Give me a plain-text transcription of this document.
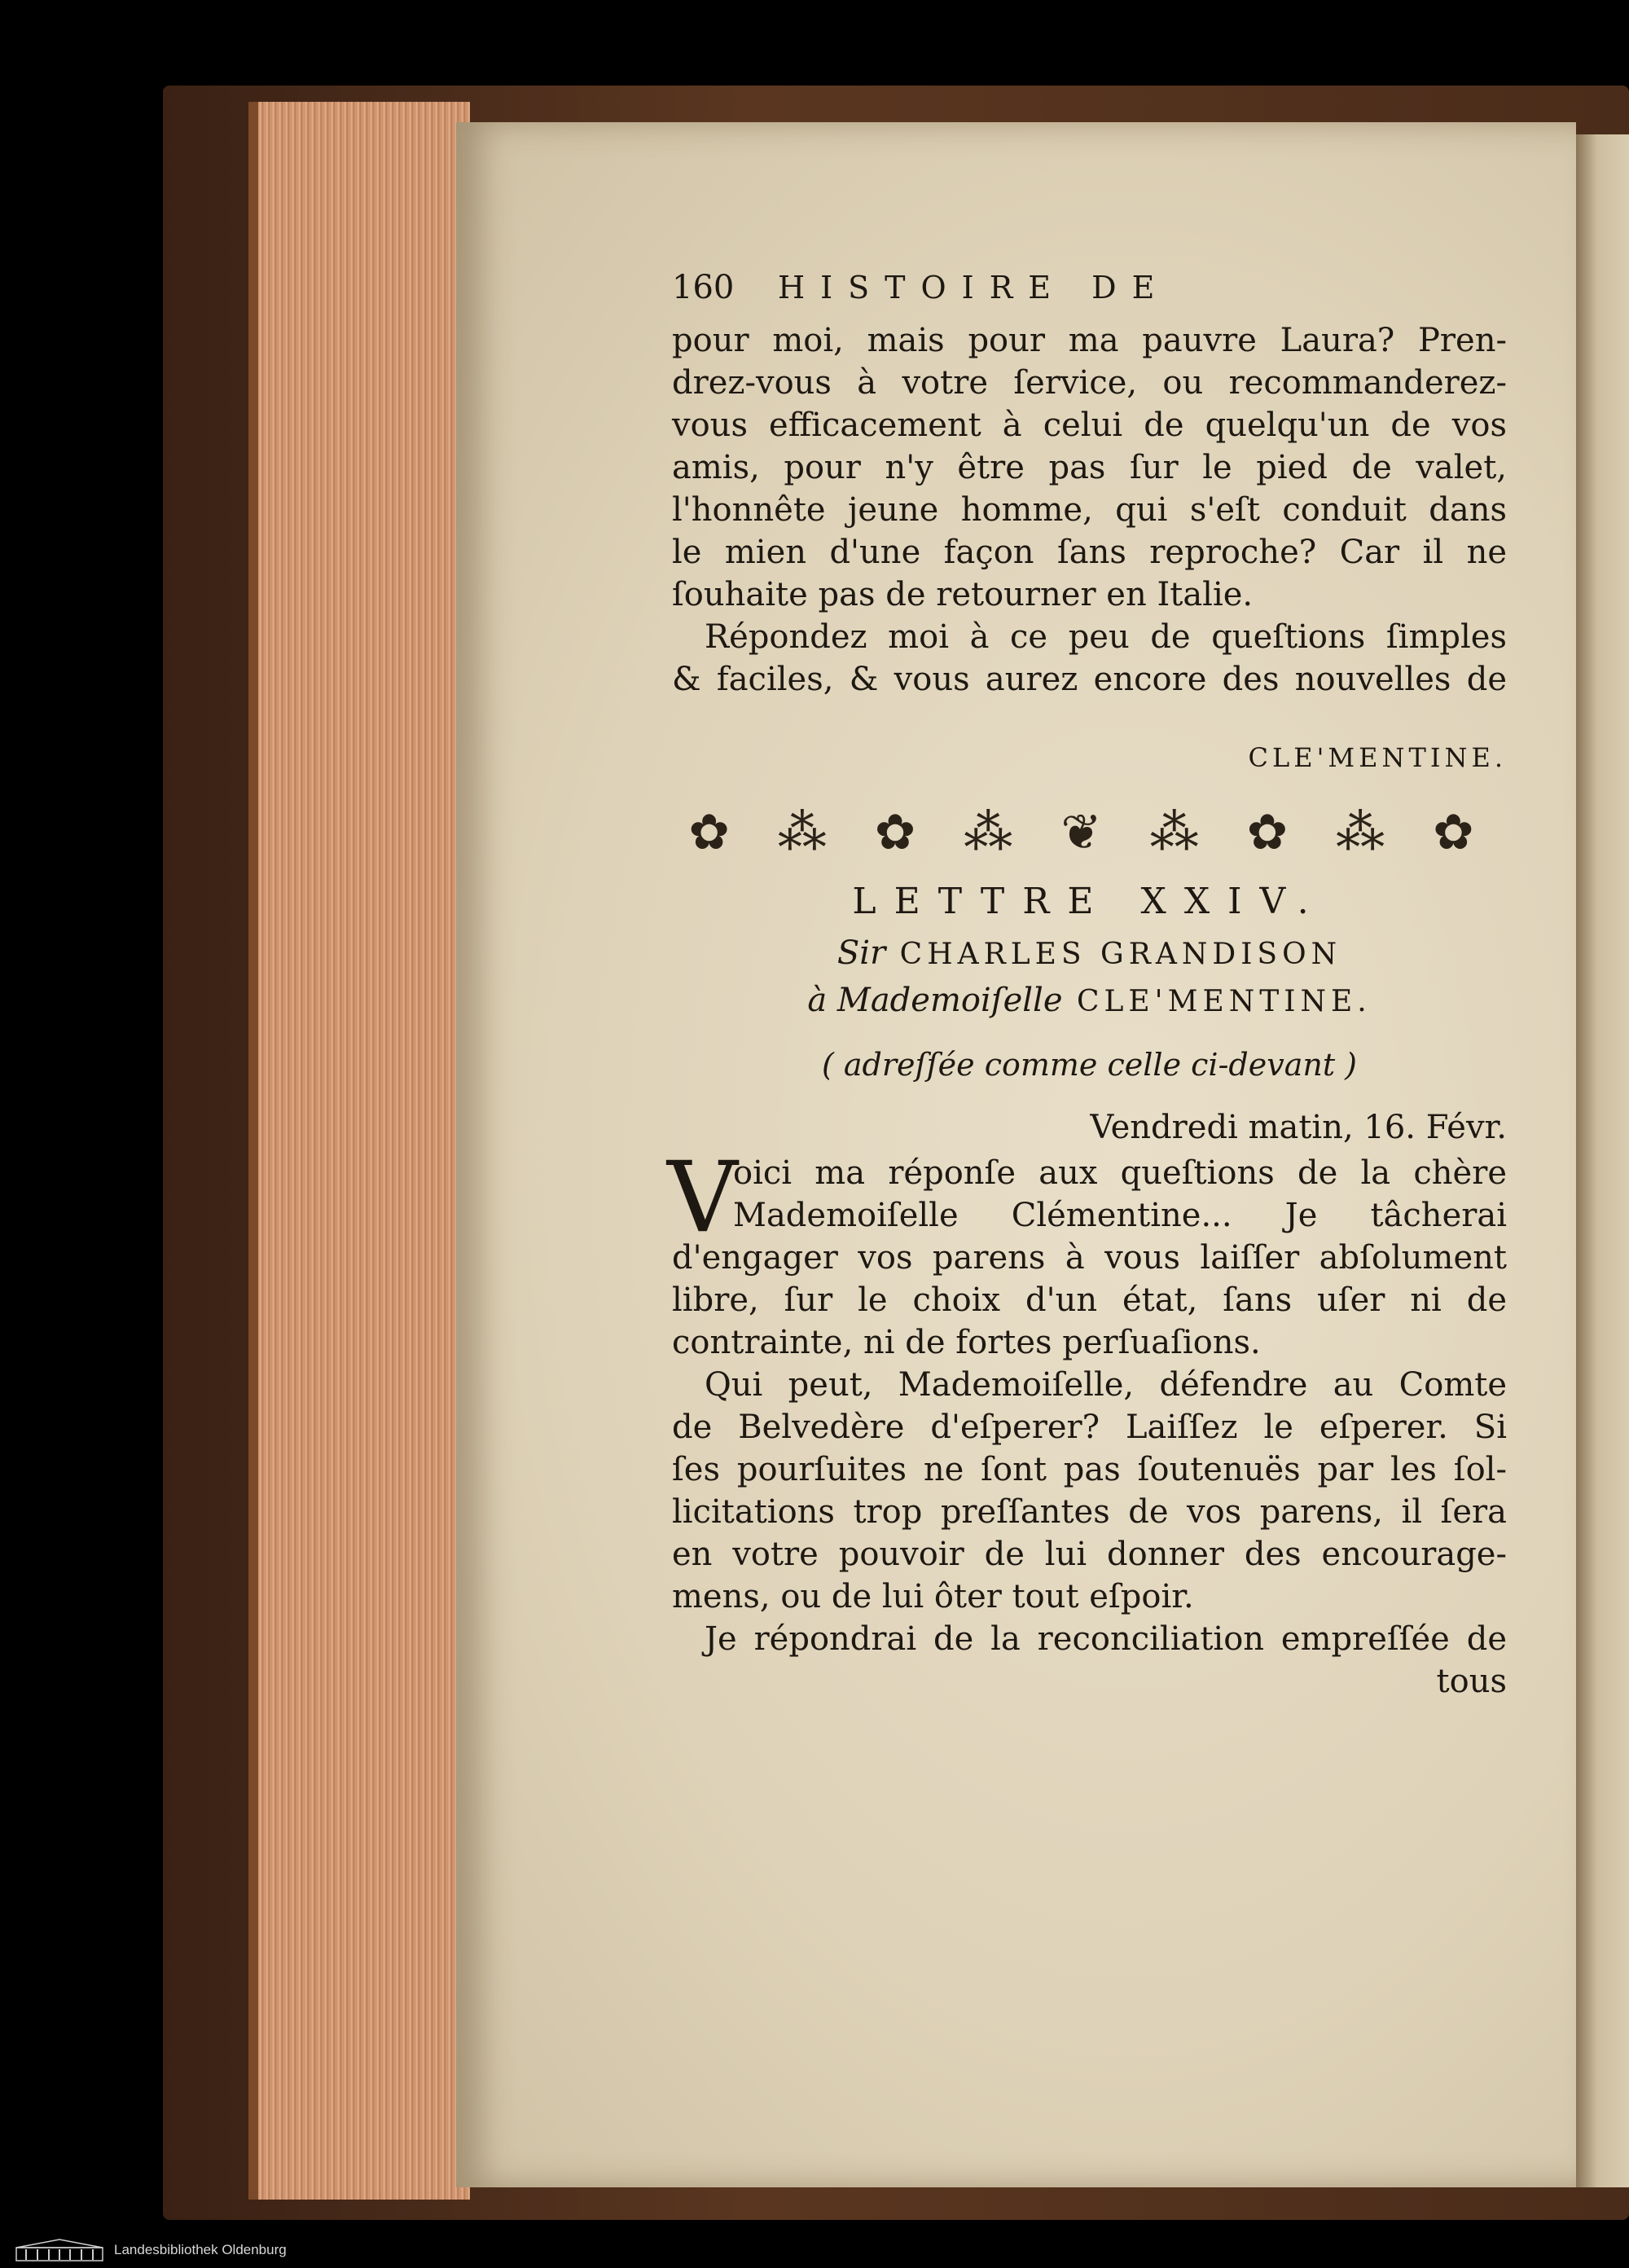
160	HISTOIRE DE
pour moi, mais pour ma pauvre Laura? Pren-
drez-vous à votre ſervice, ou recommanderez-
vous efficacement à celui de quelqu'un de vos
amis, pour n'y être pas ſur le pied de valet,
l'honnête jeune homme, qui s'eſt conduit dans
le mien d'une façon ſans reproche? Car il ne
ſouhaite pas de retourner en Italie.
Répondez moi à ce peu de queſtions ſimples
& faciles, & vous aurez encore des nouvelles de
CLE'MENTINE.
✿ ⁂ ✿ ⁂ ❦ ⁂ ✿ ⁂ ✿
LETTRE XXIV.
Sir CHARLES GRANDISON
à Mademoiſelle CLE'MENTINE.
( adreſſée comme celle ci-devant )
Vendredi matin, 16. Févr.
V
oici ma réponſe aux queſtions de la chère
Mademoiſelle Clémentine... Je tâcherai
d'engager vos parens à vous laiſſer abſolument
libre, ſur le choix d'un état, ſans uſer ni de
contrainte, ni de fortes perſuaſions.
Qui peut, Mademoiſelle, défendre au Comte
de Belvedère d'eſperer? Laiſſez le eſperer. Si
ſes pourſuites ne ſont pas ſoutenuës par les ſol-
licitations trop preſſantes de vos parens, il ſera
en votre pouvoir de lui donner des encourage-
mens, ou de lui ôter tout eſpoir.
Je répondrai de la reconciliation empreſſée de
tous
Landesbibliothek Oldenburg
